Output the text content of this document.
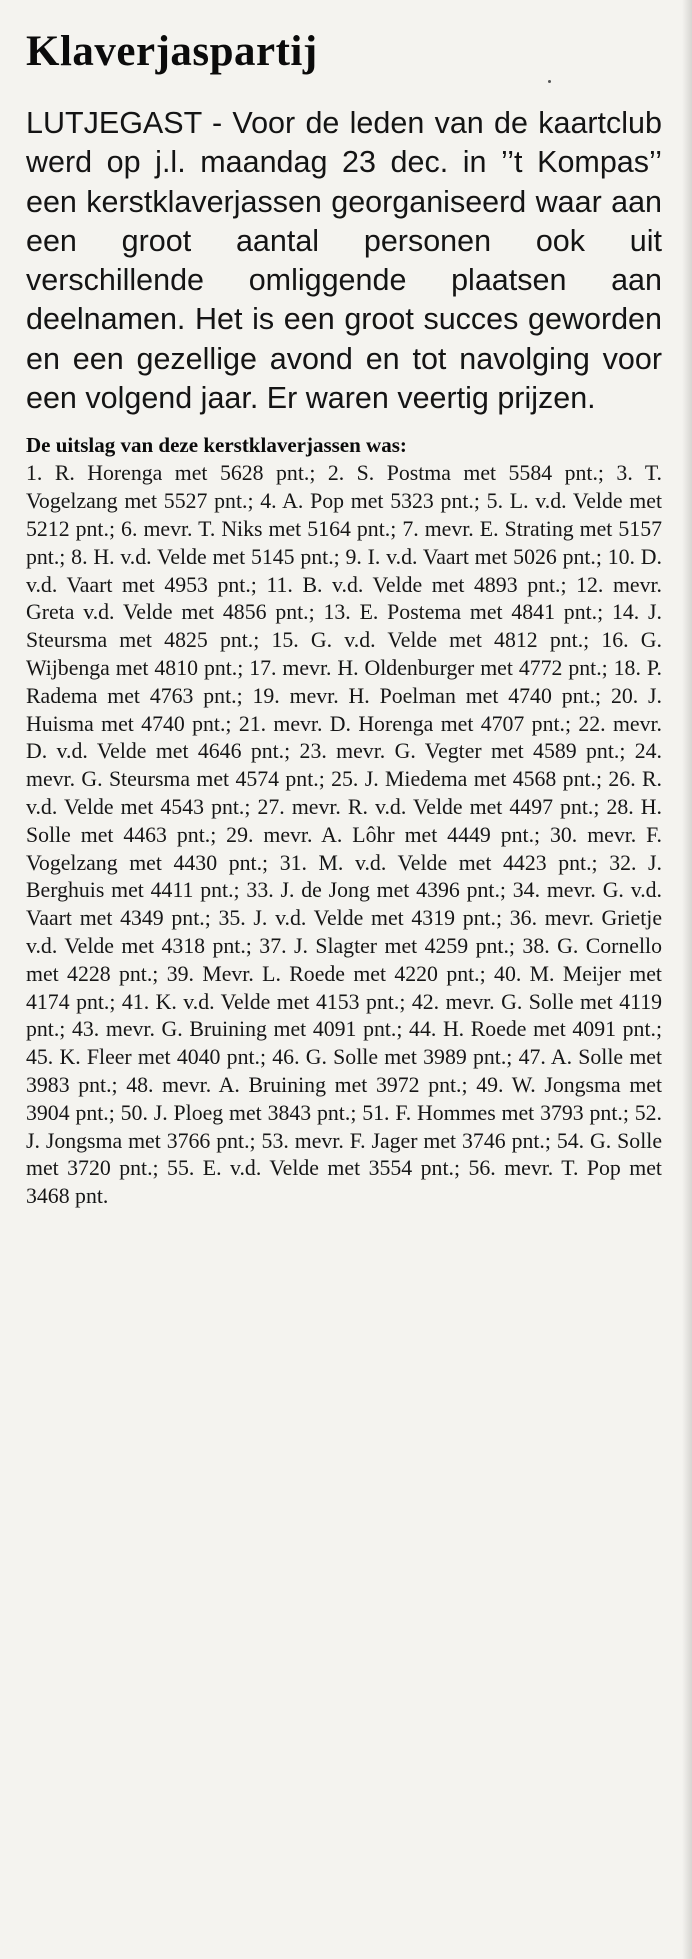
Klaverjaspartij

LUTJEGAST - Voor de leden van de kaartclub werd op j.l. maandag 23 dec. in ’’t Kompas’’ een kerstklaverjassen georganiseerd waar aan een groot aantal personen ook uit verschillende omliggende plaatsen aan deelnamen. Het is een groot succes geworden en een gezellige avond en tot navolging voor een volgend jaar. Er waren veertig prijzen.

De uitslag van deze kerstklaverjassen was:

1. R. Horenga met 5628 pnt.; 2. S. Postma met 5584 pnt.; 3. T. Vogelzang met 5527 pnt.; 4. A. Pop met 5323 pnt.; 5. L. v.d. Velde met 5212 pnt.; 6. mevr. T. Niks met 5164 pnt.; 7. mevr. E. Strating met 5157 pnt.; 8. H. v.d. Velde met 5145 pnt.; 9. I. v.d. Vaart met 5026 pnt.; 10. D. v.d. Vaart met 4953 pnt.; 11. B. v.d. Velde met 4893 pnt.; 12. mevr. Greta v.d. Velde met 4856 pnt.; 13. E. Postema met 4841 pnt.; 14. J. Steursma met 4825 pnt.; 15. G. v.d. Velde met 4812 pnt.; 16. G. Wijbenga met 4810 pnt.; 17. mevr. H. Oldenburger met 4772 pnt.; 18. P. Radema met 4763 pnt.; 19. mevr. H. Poelman met 4740 pnt.; 20. J. Huisma met 4740 pnt.; 21. mevr. D. Horenga met 4707 pnt.; 22. mevr. D. v.d. Velde met 4646 pnt.; 23. mevr. G. Vegter met 4589 pnt.; 24. mevr. G. Steursma met 4574 pnt.; 25. J. Miedema met 4568 pnt.; 26. R. v.d. Velde met 4543 pnt.; 27. mevr. R. v.d. Velde met 4497 pnt.; 28. H. Solle met 4463 pnt.; 29. mevr. A. Lôhr met 4449 pnt.; 30. mevr. F. Vogelzang met 4430 pnt.; 31. M. v.d. Velde met 4423 pnt.; 32. J. Berghuis met 4411 pnt.; 33. J. de Jong met 4396 pnt.; 34. mevr. G. v.d. Vaart met 4349 pnt.; 35. J. v.d. Velde met 4319 pnt.; 36. mevr. Grietje v.d. Velde met 4318 pnt.; 37. J. Slagter met 4259 pnt.; 38. G. Cornello met 4228 pnt.; 39. Mevr. L. Roede met 4220 pnt.; 40. M. Meijer met 4174 pnt.; 41. K. v.d. Velde met 4153 pnt.; 42. mevr. G. Solle met 4119 pnt.; 43. mevr. G. Bruining met 4091 pnt.; 44. H. Roede met 4091 pnt.; 45. K. Fleer met 4040 pnt.; 46. G. Solle met 3989 pnt.; 47. A. Solle met 3983 pnt.; 48. mevr. A. Bruining met 3972 pnt.; 49. W. Jongsma met 3904 pnt.; 50. J. Ploeg met 3843 pnt.; 51. F. Hommes met 3793 pnt.; 52. J. Jongsma met 3766 pnt.; 53. mevr. F. Jager met 3746 pnt.; 54. G. Solle met 3720 pnt.; 55. E. v.d. Velde met 3554 pnt.; 56. mevr. T. Pop met 3468 pnt.
